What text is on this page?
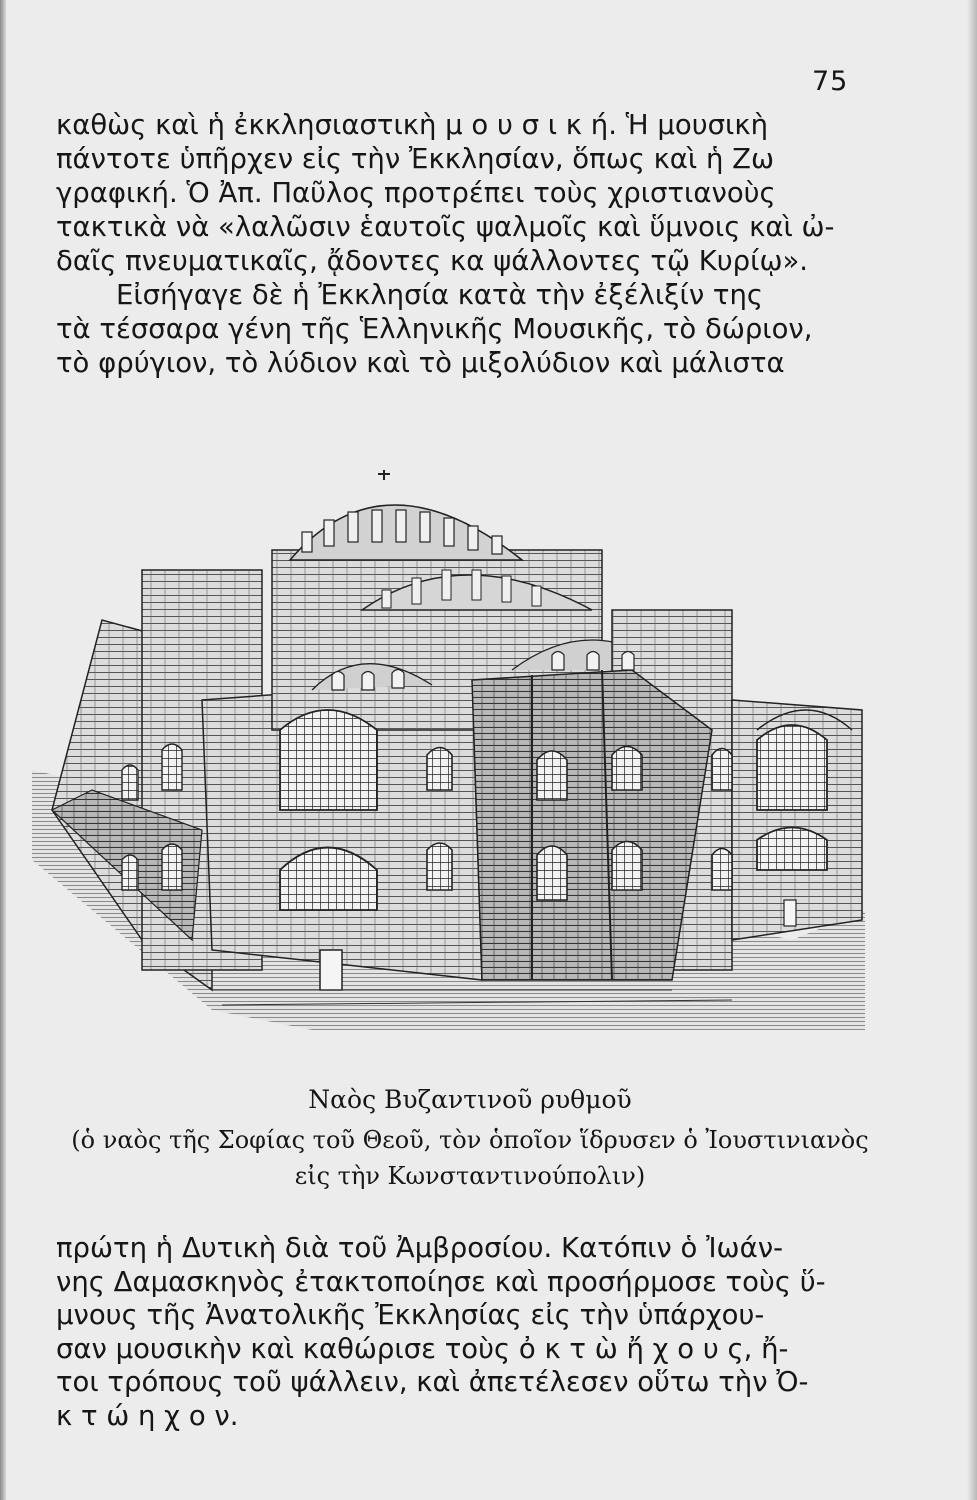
75

καθὼς καὶ ἡ ἐκκλησιαστικὴ μ ο υ σ ι κ ή. Ἡ μουσικὴ
πάντοτε ὑπῆρχεν εἰς τὴν Ἐκκλησίαν, ὅπως καὶ ἡ Ζω
γραφική. Ὁ Ἀπ. Παῦλος προτρέπει τοὺς χριστιανοὺς
τακτικὰ νὰ «λαλῶσιν ἑαυτοῖς ψαλμοῖς καὶ ὕμνοις καὶ ὠ-
δαῖς πνευματικαῖς, ᾄδοντες κα ψάλλοντες τῷ Κυρίῳ».
Εἰσήγαγε δὲ ἡ Ἐκκλησία κατὰ τὴν ἐξέλιξίν της
τὰ τέσσαρα γένη τῆς Ἑλληνικῆς Μουσικῆς, τὸ δώριον,
τὸ φρύγιον, τὸ λύδιον καὶ τὸ μιξολύδιον καὶ μάλιστα

Ναὸς Βυζαντινοῦ ρυθμοῦ

(ὁ ναὸς τῆς Σοφίας τοῦ Θεοῦ, τὸν ὁποῖον ἵδρυσεν ὁ Ἰουστινιανὸς

εἰς τὴν Κωνσταντινούπολιν)

πρώτη ἡ Δυτικὴ διὰ τοῦ Ἀμβροσίου. Κατόπιν ὁ Ἰωάν-
νης Δαμασκηνὸς ἐτακτοποίησε καὶ προσήρμοσε τοὺς ὕ-
μνους τῆς Ἀνατολικῆς Ἐκκλησίας εἰς τὴν ὑπάρχου-
σαν μουσικὴν καὶ καθώρισε τοὺς ὀ κ τ ὼ ἤ χ ο υ ς, ἤ-
τοι τρόπους τοῦ ψάλλειν, καὶ ἀπετέλεσεν οὕτω τὴν Ὀ-
κ τ ώ η χ ο ν.
